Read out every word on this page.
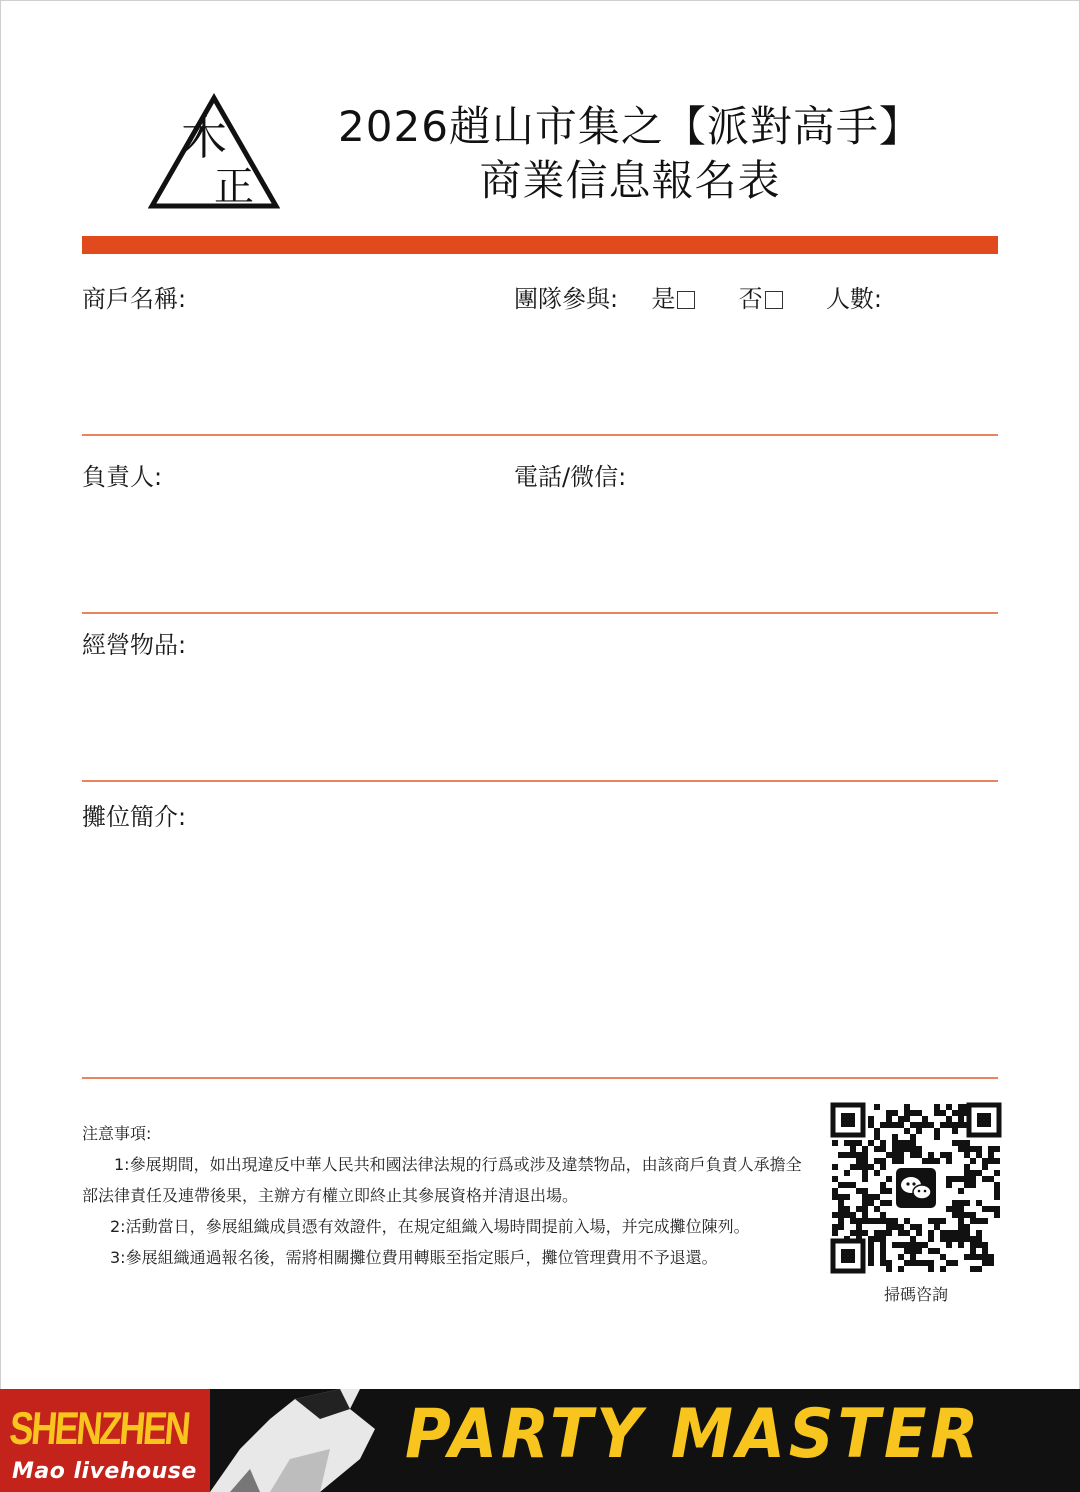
木
正
2026趙山市集之【派對高手】
商業信息報名表
商戶名稱:	團隊參與: 是	否	人數:
負責人:	電話/微信:
經營物品:
攤位簡介:

注意事項:

1:參展期間，如出現違反中華人民共和國法律法規的行爲或涉及違禁物品，由該商戶負責人承擔全部法律責任及連帶後果，主辦方有權立即終止其參展資格并清退出場。

2:活動當日，參展組織成員憑有效證件，在規定組織入場時間提前入場，并完成攤位陳列。

3:參展組織通過報名後，需將相關攤位費用轉賬至指定賬戶，攤位管理費用不予退還。

掃碼咨詢
SHENZHEN
Mao livehouse	PARTY MASTER
